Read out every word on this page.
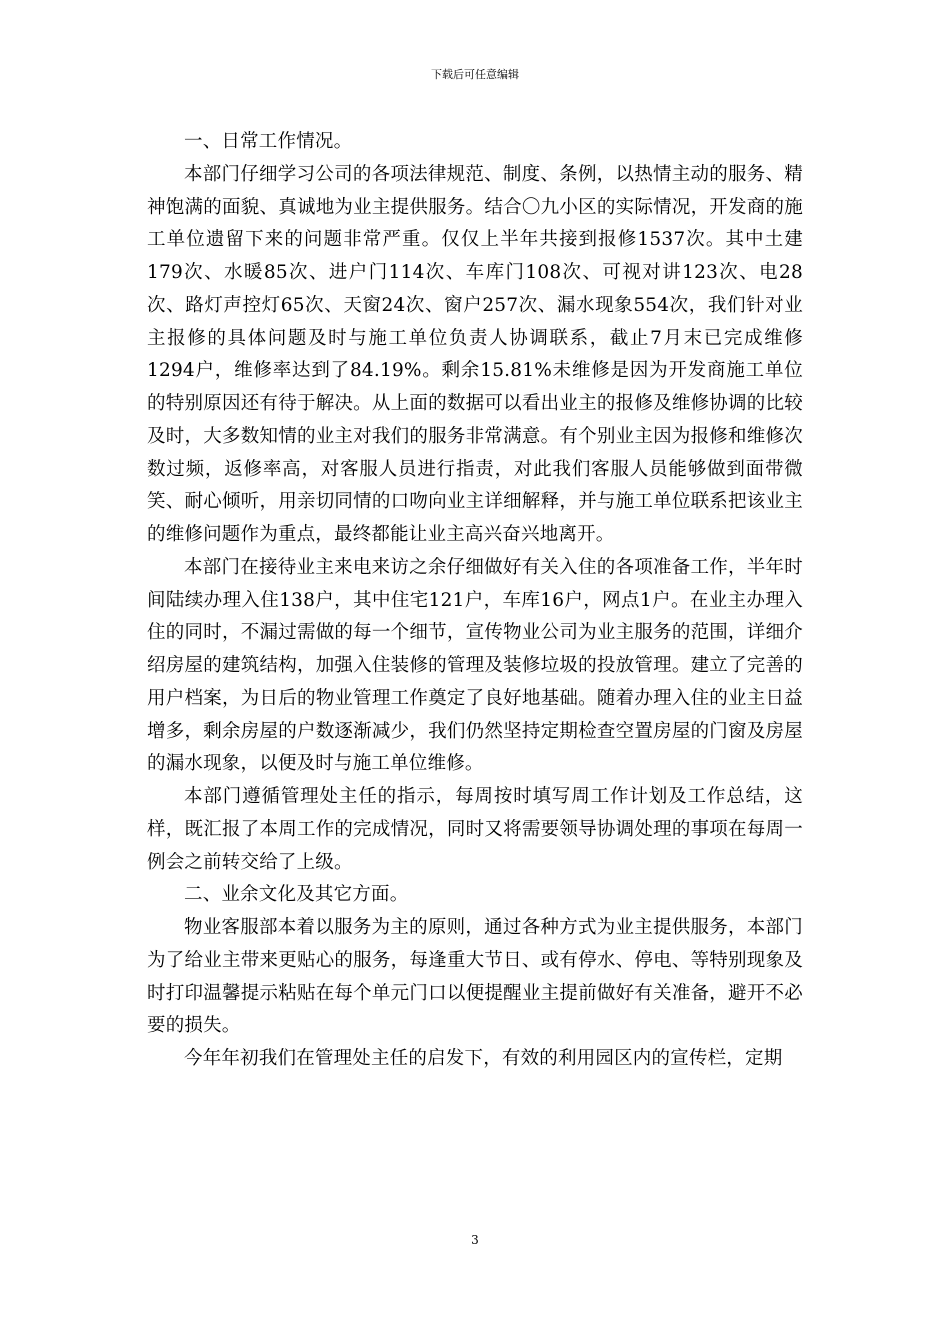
下载后可任意编辑

一、日常工作情况。

本部门仔细学习公司的各项法律规范、制度、条例，以热情主动的服务、精神饱满的面貌、真诚地为业主提供服务。结合〇九小区的实际情况，开发商的施工单位遗留下来的问题非常严重。仅仅上半年共接到报修1537次。其中土建179次、水暖85次、进户门114次、车库门108次、可视对讲123次、电28次、路灯声控灯65次、天窗24次、窗户257次、漏水现象554次，我们针对业主报修的具体问题及时与施工单位负责人协调联系，截止7月末已完成维修1294户，维修率达到了84.19%。剩余15.81%未维修是因为开发商施工单位的特别原因还有待于解决。从上面的数据可以看出业主的报修及维修协调的比较及时，大多数知情的业主对我们的服务非常满意。有个别业主因为报修和维修次数过频，返修率高，对客服人员进行指责，对此我们客服人员能够做到面带微笑、耐心倾听，用亲切同情的口吻向业主详细解释，并与施工单位联系把该业主的维修问题作为重点，最终都能让业主高兴奋兴地离开。

本部门在接待业主来电来访之余仔细做好有关入住的各项准备工作，半年时间陆续办理入住138户，其中住宅121户，车库16户，网点1户。在业主办理入住的同时，不漏过需做的每一个细节，宣传物业公司为业主服务的范围，详细介绍房屋的建筑结构，加强入住装修的管理及装修垃圾的投放管理。建立了完善的用户档案，为日后的物业管理工作奠定了良好地基础。随着办理入住的业主日益增多，剩余房屋的户数逐渐减少，我们仍然坚持定期检查空置房屋的门窗及房屋的漏水现象，以便及时与施工单位维修。

本部门遵循管理处主任的指示，每周按时填写周工作计划及工作总结，这样，既汇报了本周工作的完成情况，同时又将需要领导协调处理的事项在每周一例会之前转交给了上级。

二、业余文化及其它方面。

物业客服部本着以服务为主的原则，通过各种方式为业主提供服务，本部门为了给业主带来更贴心的服务，每逢重大节日、或有停水、停电、等特别现象及时打印温馨提示粘贴在每个单元门口以便提醒业主提前做好有关准备，避开不必要的损失。

今年年初我们在管理处主任的启发下，有效的利用园区内的宣传栏，定期

3
